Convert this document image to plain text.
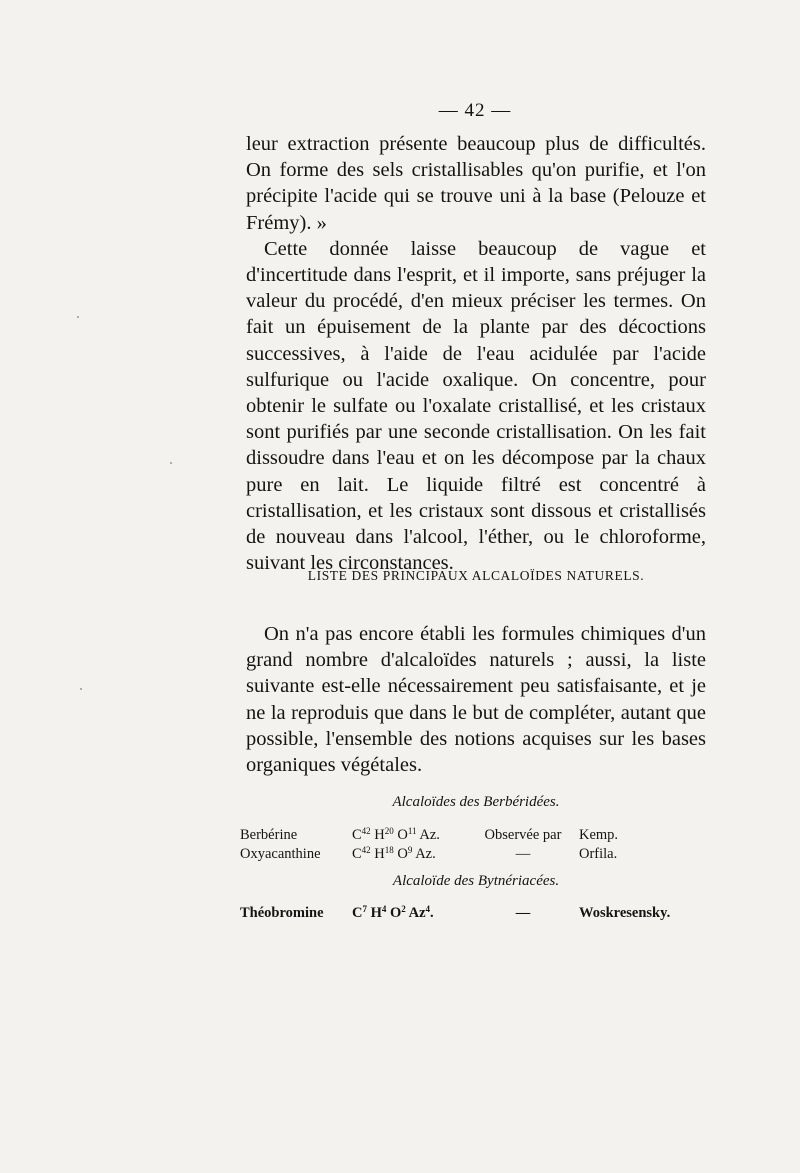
— 42 —

leur extraction présente beaucoup plus de difficultés. On forme des sels cristallisables qu'on purifie, et l'on précipite l'acide qui se trouve uni à la base (Pelouze et Frémy). »

Cette donnée laisse beaucoup de vague et d'incertitude dans l'esprit, et il importe, sans préjuger la valeur du procédé, d'en mieux préciser les termes. On fait un épuisement de la plante par des décoctions successives, à l'aide de l'eau acidulée par l'acide sulfurique ou l'acide oxalique. On concentre, pour obtenir le sulfate ou l'oxalate cristallisé, et les cristaux sont purifiés par une seconde cristallisation. On les fait dissoudre dans l'eau et on les décompose par la chaux pure en lait. Le liquide filtré est concentré à cristallisation, et les cristaux sont dissous et cristallisés de nouveau dans l'alcool, l'éther, ou le chloroforme, suivant les circonstances.

LISTE DES PRINCIPAUX ALCALOÏDES NATURELS.

On n'a pas encore établi les formules chimiques d'un grand nombre d'alcaloïdes naturels ; aussi, la liste suivante est-elle nécessairement peu satisfaisante, et je ne la reproduis que dans le but de compléter, autant que possible, l'ensemble des notions acquises sur les bases organiques végétales.

Alcaloïdes des Berbéridées.
Berbérine	$C^{42}$ $H^{20}$ $O^{11}$ Az.	Observée par	Kemp.
Oxyacanthine	$C^{42}$ $H^{18}$ $O^9$ Az.	—	Orfila.
Alcaloïde des Bytnériacées.
Théobromine	$C^7$ $H^4$ $O^2$ Az$^4$.	—	Woskresensky.
